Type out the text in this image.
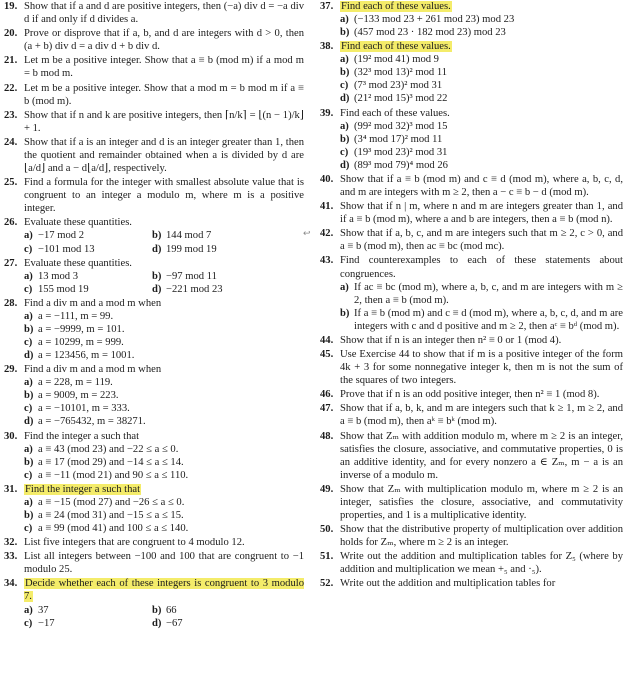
19. Show that if a and d are positive integers, then (−a) div d = −a div d if and only if d divides a.
20. Prove or disprove that if a, b, and d are integers with d > 0, then (a + b) div d = a div d + b div d.
21. Let m be a positive integer. Show that a ≡ b (mod m) if a mod m = b mod m.
22. Let m be a positive integer. Show that a mod m = b mod m if a ≡ b (mod m).
23. Show that if n and k are positive integers, then ⌈n/k⌉ = ⌊(n − 1)/k⌋ + 1.
24. Show that if a is an integer and d is an integer greater than 1, then the quotient and remainder obtained when a is divided by d are ⌊a/d⌋ and a − d⌊a/d⌋, respectively.
25. Find a formula for the integer with smallest absolute value that is congruent to an integer a modulo m, where m is a positive integer.
26. Evaluate these quantities.
a) −17 mod 2	b) 144 mod 7
c) −101 mod 13	d) 199 mod 19
27. Evaluate these quantities.
a) 13 mod 3	b) −97 mod 11
c) 155 mod 19	d) −221 mod 23
28. Find a div m and a mod m when
a) a = −111, m = 99.
b) a = −9999, m = 101.
c) a = 10299, m = 999.
d) a = 123456, m = 1001.
29. Find a div m and a mod m when
a) a = 228, m = 119.
b) a = 9009, m = 223.
c) a = −10101, m = 333.
d) a = −765432, m = 38271.
30. Find the integer a such that
a) a ≡ 43 (mod 23) and −22 ≤ a ≤ 0.
b) a ≡ 17 (mod 29) and −14 ≤ a ≤ 14.
c) a ≡ −11 (mod 21) and 90 ≤ a ≤ 110.
31. Find the integer a such that
a) a ≡ −15 (mod 27) and −26 ≤ a ≤ 0.
b) a ≡ 24 (mod 31) and −15 ≤ a ≤ 15.
c) a ≡ 99 (mod 41) and 100 ≤ a ≤ 140.
32. List five integers that are congruent to 4 modulo 12.
33. List all integers between −100 and 100 that are congruent to −1 modulo 25.
34. Decide whether each of these integers is congruent to 3 modulo 7.
a) 37	b) 66
c) −17	d) −67
37. Find each of these values.
a) (−133 mod 23 + 261 mod 23) mod 23
b) (457 mod 23 · 182 mod 23) mod 23
38. Find each of these values.
a) (19² mod 41) mod 9
b) (32³ mod 13)² mod 11
c) (7³ mod 23)² mod 31
d) (21² mod 15)³ mod 22
39. Find each of these values.
a) (99² mod 32)³ mod 15
b) (3⁴ mod 17)² mod 11
c) (19³ mod 23)² mod 31
d) (89³ mod 79)⁴ mod 26
40. Show that if a ≡ b (mod m) and c ≡ d (mod m), where a, b, c, d, and m are integers with m ≥ 2, then a − c ≡ b − d (mod m).
41. Show that if n | m, where n and m are integers greater than 1, and if a ≡ b (mod m), where a and b are integers, then a ≡ b (mod n).
↩ 42. Show that if a, b, c, and m are integers such that m ≥ 2, c > 0, and a ≡ b (mod m), then ac ≡ bc (mod mc).
43. Find counterexamples to each of these statements about congruences.
a) If ac ≡ bc (mod m), where a, b, c, and m are integers with m ≥ 2, then a ≡ b (mod m).
b) If a ≡ b (mod m) and c ≡ d (mod m), where a, b, c, d, and m are integers with c and d positive and m ≥ 2, then aᶜ ≡ bᵈ (mod m).
44. Show that if n is an integer then n² ≡ 0 or 1 (mod 4).
45. Use Exercise 44 to show that if m is a positive integer of the form 4k + 3 for some nonnegative integer k, then m is not the sum of the squares of two integers.
46. Prove that if n is an odd positive integer, then n² ≡ 1 (mod 8).
47. Show that if a, b, k, and m are integers such that k ≥ 1, m ≥ 2, and a ≡ b (mod m), then aᵏ ≡ bᵏ (mod m).
48. Show that Zₘ with addition modulo m, where m ≥ 2 is an integer, satisfies the closure, associative, and commutative properties, 0 is an additive identity, and for every nonzero a ∈ Zₘ, m − a is an inverse of a modulo m.
49. Show that Zₘ with multiplication modulo m, where m ≥ 2 is an integer, satisfies the closure, associative, and commutativity properties, and 1 is a multiplicative identity.
50. Show that the distributive property of multiplication over addition holds for Zₘ, where m ≥ 2 is an integer.
51. Write out the addition and multiplication tables for Z₅ (where by addition and multiplication we mean +₅ and ·₅).
52. Write out the addition and multiplication tables for
